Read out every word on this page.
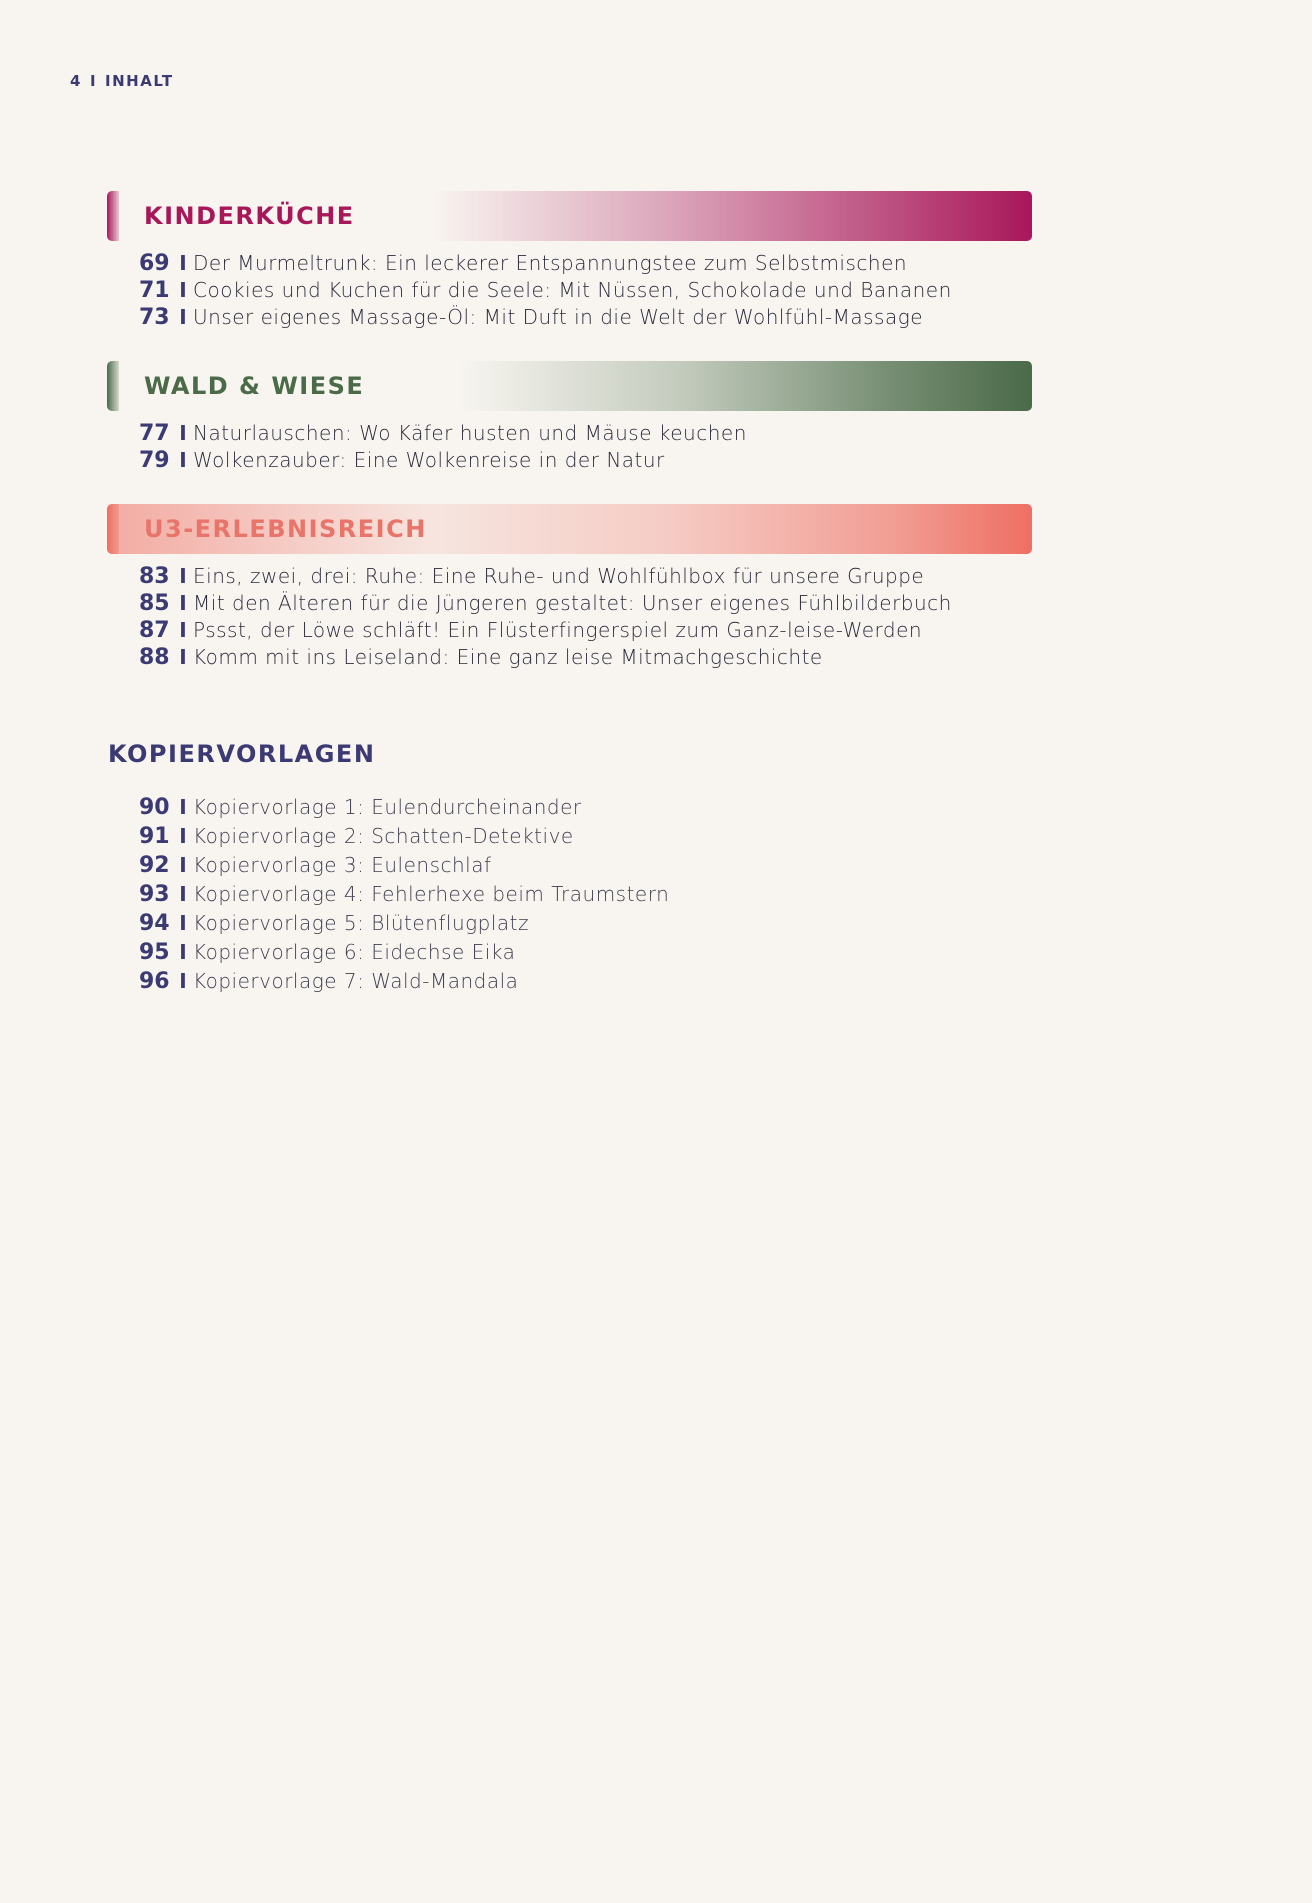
4 I INHALT
KINDERKÜCHE
69 I Der Murmeltrunk: Ein leckerer Entspannungstee zum Selbstmischen
71 I Cookies und Kuchen für die Seele: Mit Nüssen, Schokolade und Bananen
73 I Unser eigenes Massage-Öl: Mit Duft in die Welt der Wohlfühl-Massage
WALD & WIESE
77 I Naturlauschen: Wo Käfer husten und Mäuse keuchen
79 I Wolkenzauber: Eine Wolkenreise in der Natur
U3-ERLEBNISREICH
83 I Eins, zwei, drei: Ruhe: Eine Ruhe- und Wohlfühlbox für unsere Gruppe
85 I Mit den Älteren für die Jüngeren gestaltet: Unser eigenes Fühlbilderbuch
87 I Pssst, der Löwe schläft! Ein Flüsterfingerspiel zum Ganz-leise-Werden
88 I Komm mit ins Leiseland: Eine ganz leise Mitmachgeschichte
KOPIERVORLAGEN
90 I Kopiervorlage 1: Eulendurcheinander
91 I Kopiervorlage 2: Schatten-Detektive
92 I Kopiervorlage 3: Eulenschlaf
93 I Kopiervorlage 4: Fehlerhexe beim Traumstern
94 I Kopiervorlage 5: Blütenflugplatz
95 I Kopiervorlage 6: Eidechse Eika
96 I Kopiervorlage 7: Wald-Mandala
